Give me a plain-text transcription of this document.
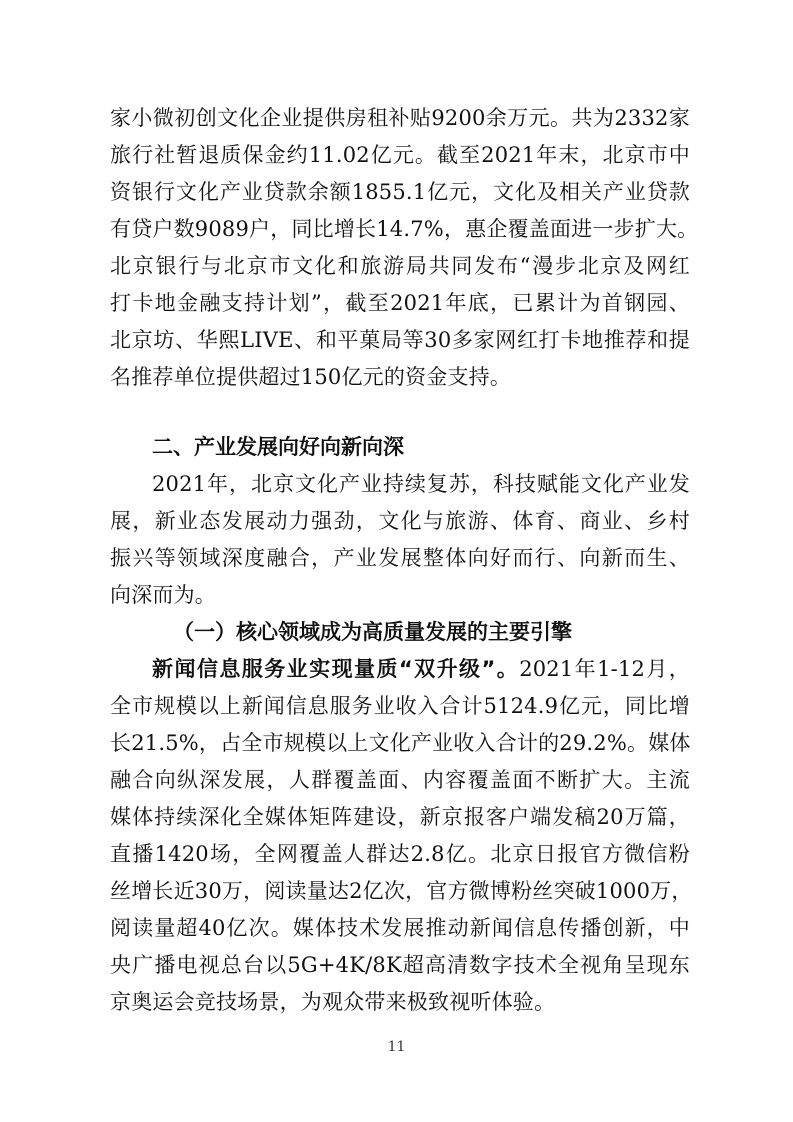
家小微初创文化企业提供房租补贴9200余万元。共为2332家
旅行社暂退质保金约11.02亿元。截至2021年末，北京市中
资银行文化产业贷款余额1855.1亿元，文化及相关产业贷款
有贷户数9089户，同比增长14.7%，惠企覆盖面进一步扩大。
北京银行与北京市文化和旅游局共同发布“漫步北京及网红
打卡地金融支持计划”，截至2021年底，已累计为首钢园、
北京坊、华熙LIVE、和平菓局等30多家网红打卡地推荐和提
名推荐单位提供超过150亿元的资金支持。
二、产业发展向好向新向深
2021年，北京文化产业持续复苏，科技赋能文化产业发
展，新业态发展动力强劲，文化与旅游、体育、商业、乡村
振兴等领域深度融合，产业发展整体向好而行、向新而生、
向深而为。
（一）核心领域成为高质量发展的主要引擎
新闻信息服务业实现量质“双升级”。2021年1-12月，
全市规模以上新闻信息服务业收入合计5124.9亿元，同比增
长21.5%，占全市规模以上文化产业收入合计的29.2%。媒体
融合向纵深发展，人群覆盖面、内容覆盖面不断扩大。主流
媒体持续深化全媒体矩阵建设，新京报客户端发稿20万篇，
直播1420场，全网覆盖人群达2.8亿。北京日报官方微信粉
丝增长近30万，阅读量达2亿次，官方微博粉丝突破1000万，
阅读量超40亿次。媒体技术发展推动新闻信息传播创新，中
央广播电视总台以5G+4K/8K超高清数字技术全视角呈现东
京奥运会竞技场景，为观众带来极致视听体验。
11
